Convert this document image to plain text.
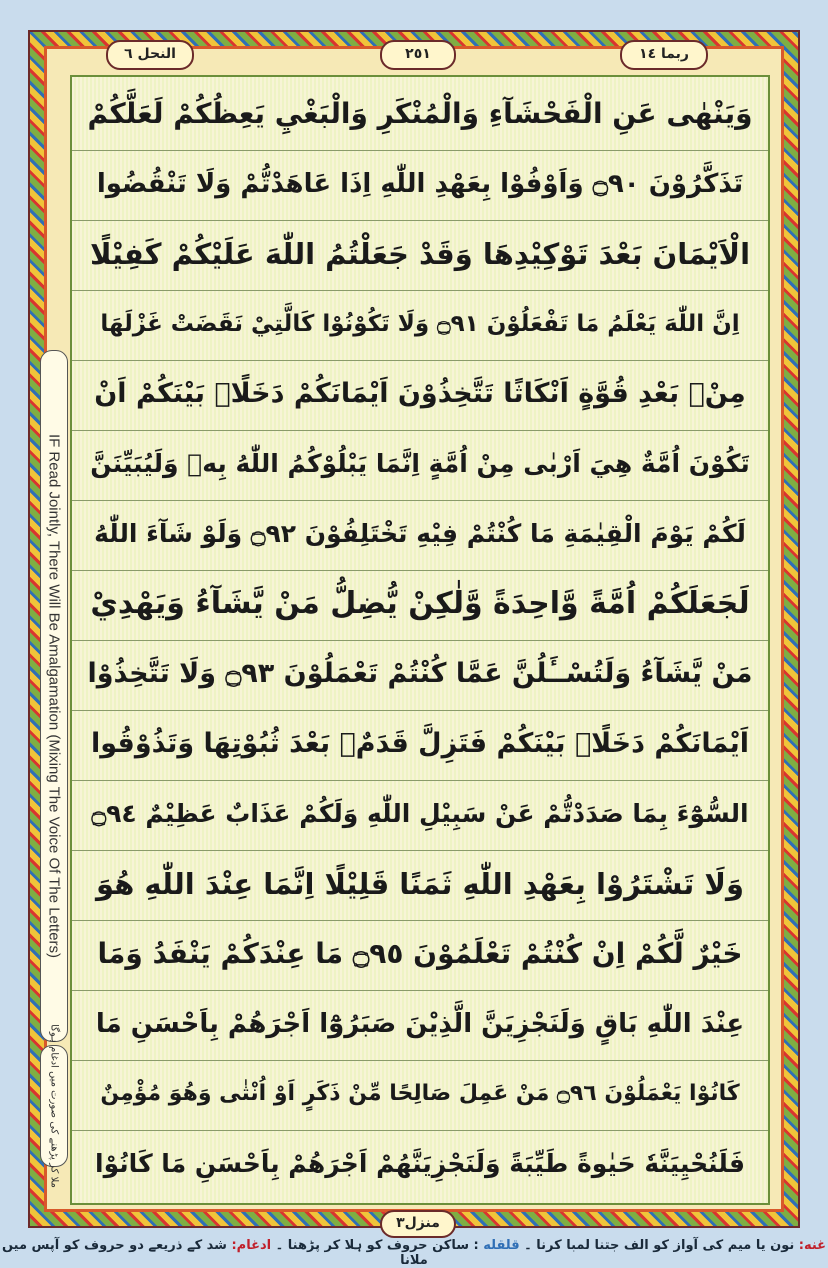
ربما ١٤
٢٥١
النحل ٦
وَيَنْهٰى عَنِ الْفَحْشَآءِ وَالْمُنْكَرِ وَالْبَغْيِ يَعِظُكُمْ لَعَلَّكُمْ
تَذَكَّرُوْنَ ۝٩٠ وَاَوْفُوْا بِعَهْدِ اللّٰهِ اِذَا عَاهَدْتُّمْ وَلَا تَنْقُضُوا
الْاَيْمَانَ بَعْدَ تَوْكِيْدِهَا وَقَدْ جَعَلْتُمُ اللّٰهَ عَلَيْكُمْ كَفِيْلًا
اِنَّ اللّٰهَ يَعْلَمُ مَا تَفْعَلُوْنَ ۝٩١ وَلَا تَكُوْنُوْا كَالَّتِيْ نَقَضَتْ غَزْلَهَا
مِنْۢ بَعْدِ قُوَّةٍ اَنْكَاثًا تَتَّخِذُوْنَ اَيْمَانَكُمْ دَخَلًاۢ بَيْنَكُمْ اَنْ
تَكُوْنَ اُمَّةٌ هِيَ اَرْبٰى مِنْ اُمَّةٍ اِنَّمَا يَبْلُوْكُمُ اللّٰهُ بِهٖ وَلَيُبَيِّنَنَّ
لَكُمْ يَوْمَ الْقِيٰمَةِ مَا كُنْتُمْ فِيْهِ تَخْتَلِفُوْنَ ۝٩٢ وَلَوْ شَآءَ اللّٰهُ
لَجَعَلَكُمْ اُمَّةً وَّاحِدَةً وَّلٰكِنْ يُّضِلُّ مَنْ يَّشَآءُ وَيَهْدِيْ
مَنْ يَّشَآءُ وَلَتُسْــَٔلُنَّ عَمَّا كُنْتُمْ تَعْمَلُوْنَ ۝٩٣ وَلَا تَتَّخِذُوْا
اَيْمَانَكُمْ دَخَلًاۢ بَيْنَكُمْ فَتَزِلَّ قَدَمٌۢ بَعْدَ ثُبُوْتِهَا وَتَذُوْقُوا
السُّوْٓءَ بِمَا صَدَدْتُّمْ عَنْ سَبِيْلِ اللّٰهِ وَلَكُمْ عَذَابٌ عَظِيْمٌ ۝٩٤
وَلَا تَشْتَرُوْا بِعَهْدِ اللّٰهِ ثَمَنًا قَلِيْلًا اِنَّمَا عِنْدَ اللّٰهِ هُوَ
خَيْرٌ لَّكُمْ اِنْ كُنْتُمْ تَعْلَمُوْنَ ۝٩٥ مَا عِنْدَكُمْ يَنْفَدُ وَمَا
عِنْدَ اللّٰهِ بَاقٍ وَلَنَجْزِيَنَّ الَّذِيْنَ صَبَرُوْٓا اَجْرَهُمْ بِاَحْسَنِ مَا
كَانُوْا يَعْمَلُوْنَ ۝٩٦ مَنْ عَمِلَ صَالِحًا مِّنْ ذَكَرٍ اَوْ اُنْثٰى وَهُوَ مُؤْمِنٌ
فَلَنُحْيِيَنَّهٗ حَيٰوةً طَيِّبَةً وَلَنَجْزِيَنَّهُمْ اَجْرَهُمْ بِاَحْسَنِ مَا كَانُوْا
IF Read Jointly, There Will Be Amalgamation (Mixing The Voice Of The Letters)
ملا کر پڑھنے کی صورت میں ادغام ہوگا
منزل٣
غنه: نون یا میم کی آواز کو الف جتنا لمبا کرنا ۔ قلقله : ساکن حروف کو ہلا کر پڑھنا ۔ ادغام: شد کے ذریعے دو حروف کو آپس میں ملانا
